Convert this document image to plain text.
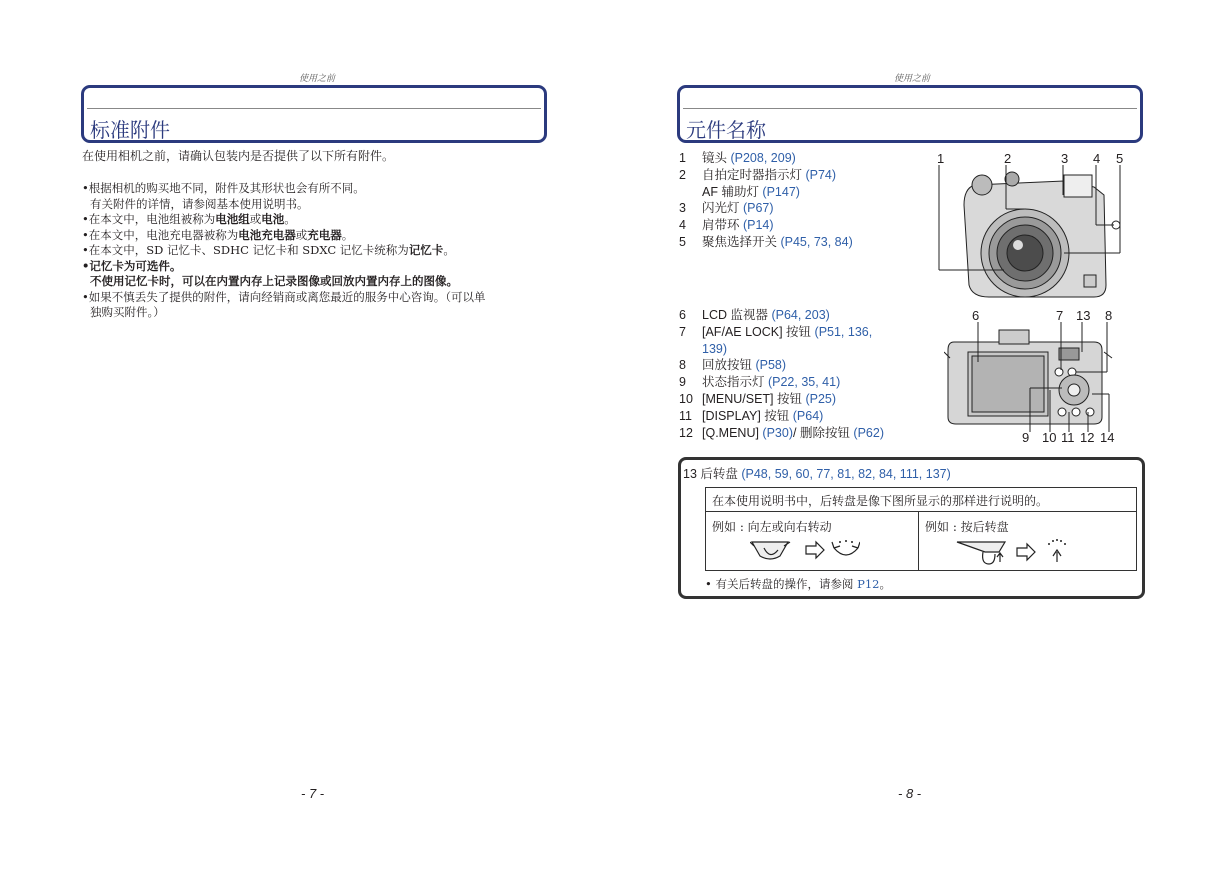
使用之前
标准附件
在使用相机之前，请确认包装内是否提供了以下所有附件。
•根据相机的购买地不同，附件及其形状也会有所不同。
有关附件的详情，请参阅基本使用说明书。
•在本文中，电池组被称为电池组或电池。
•在本文中，电池充电器被称为电池充电器或充电器。
•在本文中，SD 记忆卡、SDHC 记忆卡和 SDXC 记忆卡统称为记忆卡。
•记忆卡为可选件。
不使用记忆卡时，可以在内置内存上记录图像或回放内置内存上的图像。
•如果不慎丢失了提供的附件，请向经销商或离您最近的服务中心咨询。（可以单
独购买附件。）
- 7 -
使用之前
元件名称
1	镜头 (P208, 209)
2	自拍定时器指示灯 (P74)
AF 辅助灯 (P147)
3	闪光灯 (P67)
4	肩带环 (P14)
5	聚焦选择开关 (P45, 73, 84)
6	LCD 监视器 (P64, 203)
7	[AF/AE LOCK] 按钮 (P51, 136,
139)
8	回放按钮 (P58)
9	状态指示灯 (P22, 35, 41)
10 [MENU/SET] 按钮 (P25)
11 [DISPLAY] 按钮 (P64)
12 [Q.MENU] (P30)/ 删除按钮 (P62)
1	2	3 4 5
6	7 13 8
9 10 11 12 14
13 后转盘 (P48, 59, 60, 77, 81, 82, 84, 111, 137)
在本使用说明书中，后转盘是像下图所显示的那样进行说明的。
例如 : 向左或向右转动	例如 : 按后转盘
• 有关后转盘的操作，请参阅 P12。
- 8 -
